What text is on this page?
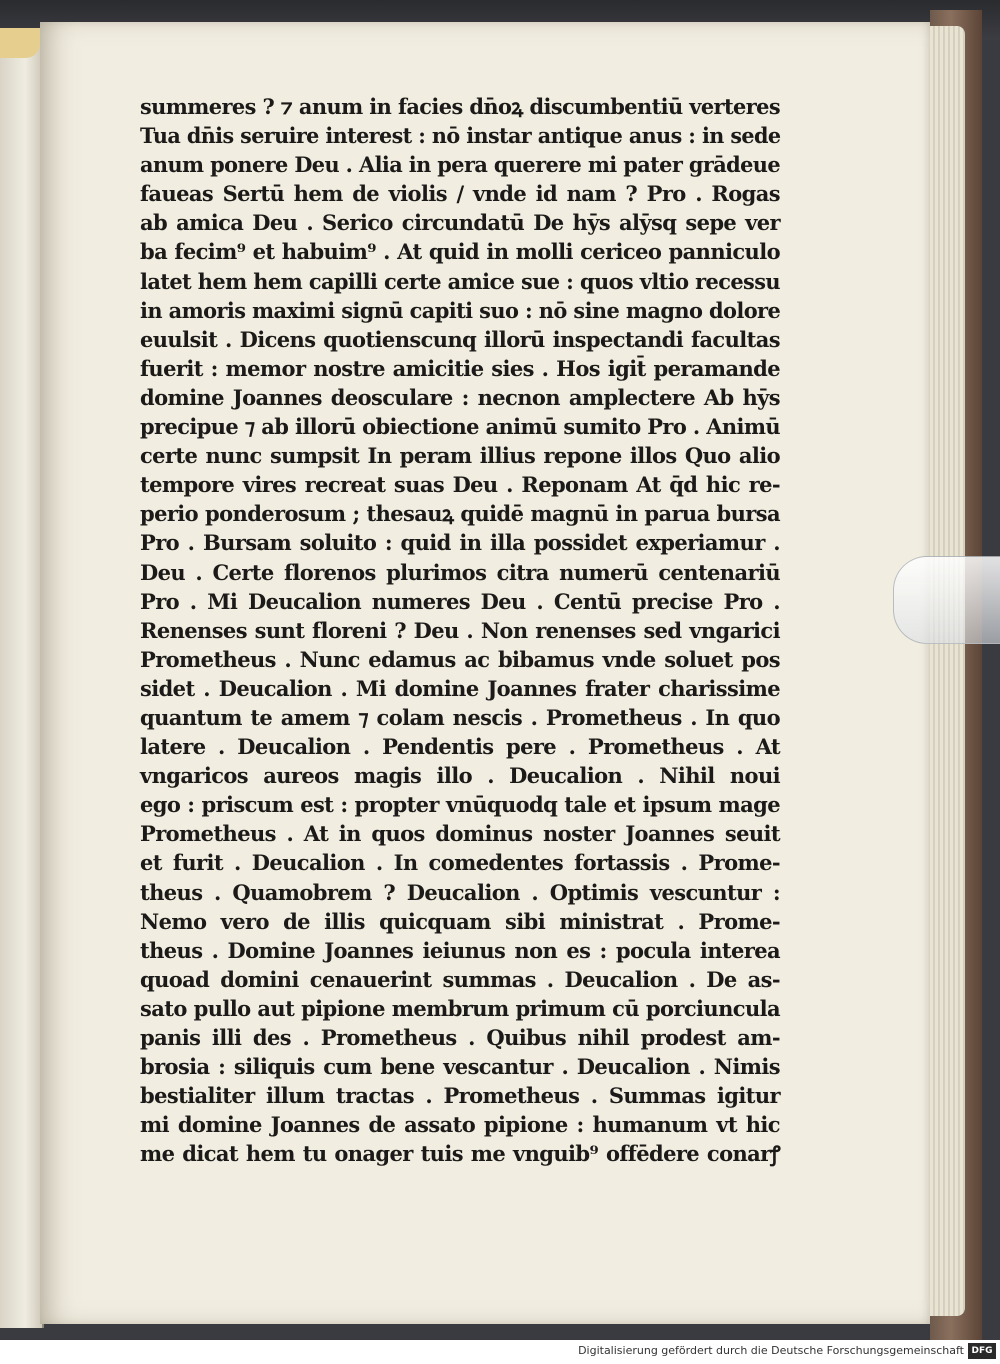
summeres ? ⁊ anum in facies dn̄oꝝ discumbentiū verteres
Tua dn̄is seruire interest : nō instar antique anus : in sede
anum ponere Deu . Alia in pera querere mi pater grādeue
faueas Sertū hem de violis / vnde id nam ? Pro . Rogas
ab amica Deu . Serico circundatū De hȳs alȳsq sepe ver
ba fecim⁹ et habuim⁹ . At quid in molli cericeo panniculo
latet hem hem capilli certe amice sue : quos vltio recessu
in amoris maximi signū capiti suo : nō sine magno dolore
euulsit . Dicens quotienscunq illorū inspectandi facultas
fuerit : memor nostre amicitie sies . Hos igit̄ peramande
domine Joannes deosculare : necnon amplectere Ab hȳs
precipue ⁊ ab illorū obiectione animū sumito Pro . Animū
certe nunc sumpsit In peram illius repone illos Quo alio
tempore vires recreat suas Deu . Reponam At q̄d hic re-
perio ponderosum ; thesauꝝ quidē magnū in parua bursa
Pro . Bursam soluito : quid in illa possidet experiamur .
Deu . Certe florenos plurimos citra numerū centenariū
Pro . Mi Deucalion numeres Deu . Centū precise Pro .
Renenses sunt floreni ? Deu . Non renenses sed vngarici
Prometheus . Nunc edamus ac bibamus vnde soluet pos
sidet . Deucalion . Mi domine Joannes frater charissime
quantum te amem ⁊ colam nescis . Prometheus . In quo
latere . Deucalion . Pendentis pere . Prometheus . At
vngaricos aureos magis illo . Deucalion . Nihil noui
ego : priscum est : propter vnūquodq tale et ipsum mage
Prometheus . At in quos dominus noster Joannes seuit
et furit . Deucalion . In comedentes fortassis . Prome-
theus . Quamobrem ? Deucalion . Optimis vescuntur :
Nemo vero de illis quicquam sibi ministrat . Prome-
theus . Domine Joannes ieiunus non es : pocula interea
quoad domini cenauerint summas . Deucalion . De as-
sato pullo aut pipione membrum primum cū porciuncula
panis illi des . Prometheus . Quibus nihil prodest am-
brosia : siliquis cum bene vescantur . Deucalion . Nimis
bestialiter illum tractas . Prometheus . Summas igitur
mi domine Joannes de assato pipione : humanum vt hic
me dicat hem tu onager tuis me vnguib⁹ offēdere conarꝭ
Digitalisierung gefördert durch die Deutsche Forschungsgemeinschaft DFG
